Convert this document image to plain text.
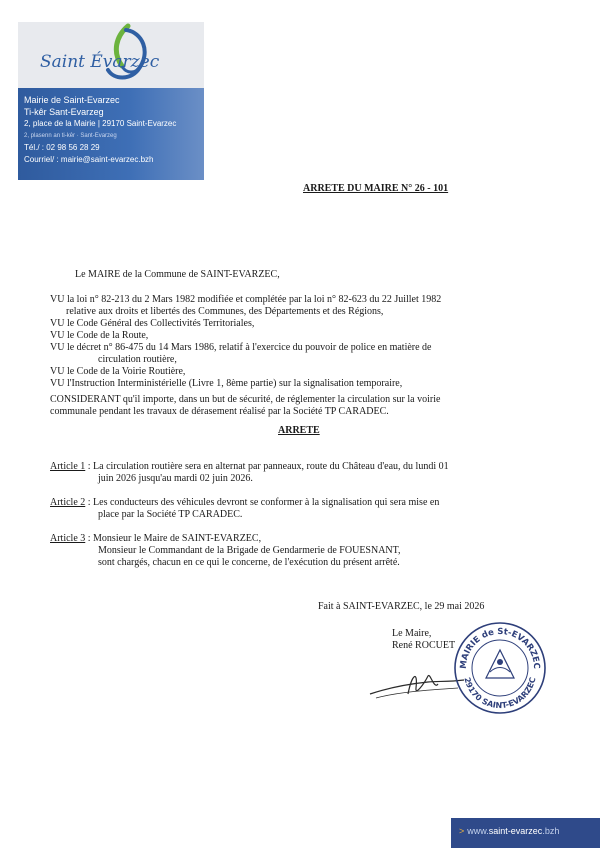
Saint Évarzec
Mairie de Saint-Evarzec
Ti-kêr Sant-Evarzeg
2, place de la Mairie | 29170 Saint-Evarzec
2, plasenn an ti-kêr · Sant-Evarzeg
Tél./ : 02 98 56 28 29
Courriel/ : mairie@saint-evarzec.bzh
ARRETE DU MAIRE N° 26 - 101
Le MAIRE de la Commune de SAINT-EVARZEC,
VU la loi n° 82-213 du 2 Mars 1982 modifiée et complétée par la loi n° 82-623 du 22 Juillet 1982
relative aux droits et libertés des Communes, des Départements et des Régions,
VU le Code Général des Collectivités Territoriales,
VU le Code de la Route,
VU le décret n° 86-475 du 14 Mars 1986, relatif à l'exercice du pouvoir de police en matière de
circulation routière,
VU le Code de la Voirie Routière,
VU l'Instruction Interministérielle (Livre 1, 8ème partie) sur la signalisation temporaire,
CONSIDERANT qu'il importe, dans un but de sécurité, de réglementer la circulation sur la voirie
communale pendant les travaux de dérasement réalisé par la Société TP CARADEC.
ARRETE
Article 1 : La circulation routière sera en alternat par panneaux, route du Château d'eau, du lundi 01
juin 2026 jusqu'au mardi 02 juin 2026.
Article 2 : Les conducteurs des véhicules devront se conformer à la signalisation qui sera mise en
place par la Société TP CARADEC.
Article 3 : Monsieur le Maire de SAINT-EVARZEC,
Monsieur le Commandant de la Brigade de Gendarmerie de FOUESNANT,
sont chargés, chacun en ce qui le concerne, de l'exécution du présent arrêté.
Fait à SAINT-EVARZEC, le 29 mai 2026
Le Maire,
René ROCUET
MAIRIE de St-EVARZEC
29170 SAINT-EVARZEC
> www.saint-evarzec.bzh
